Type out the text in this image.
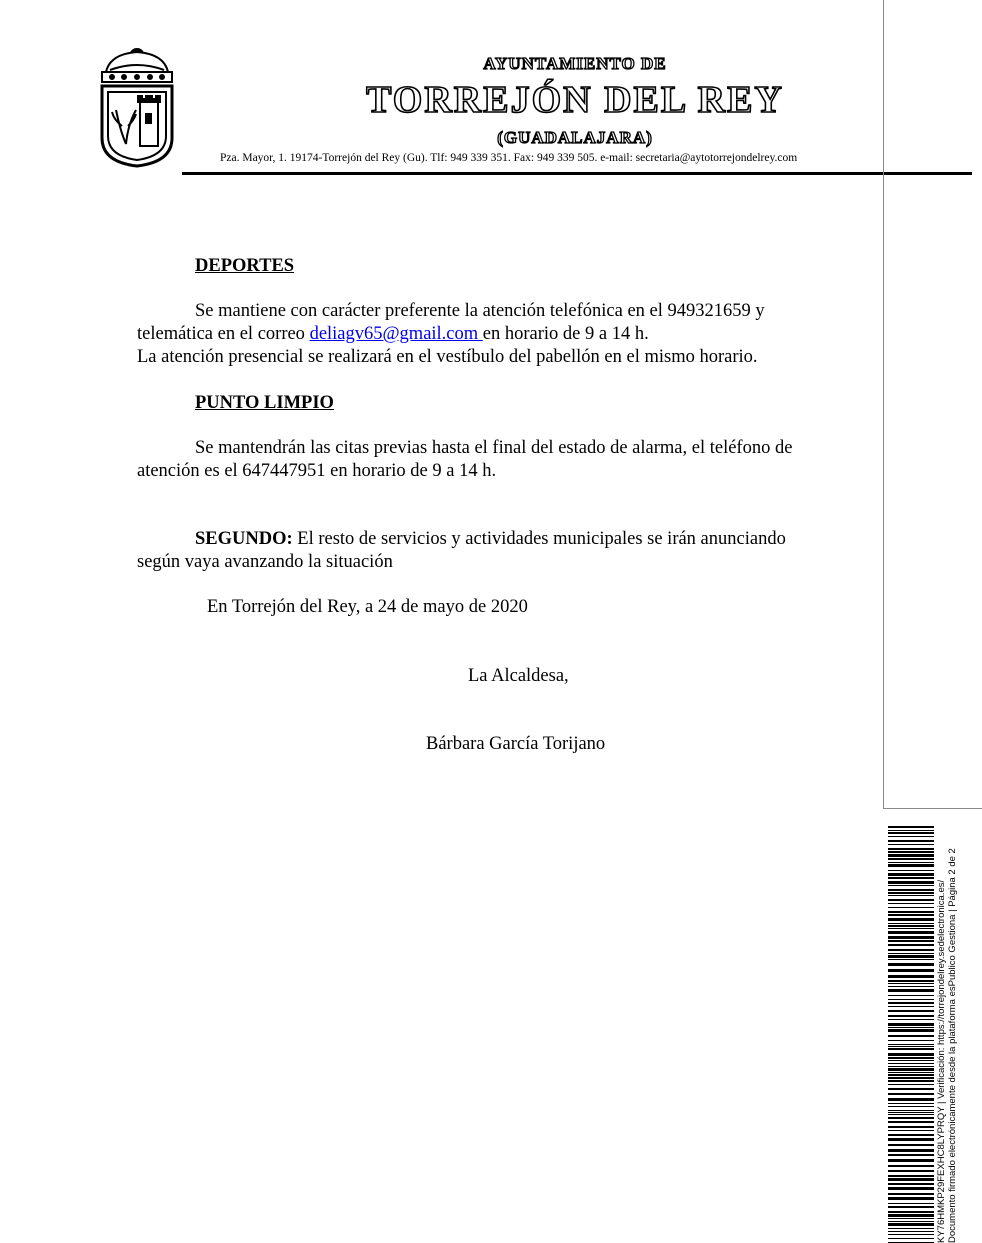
AYUNTAMIENTO DE
TORREJÓN DEL REY
(GUADALAJARA)
Pza. Mayor, 1. 19174-Torrejón del Rey (Gu). Tlf: 949 339 351. Fax: 949 339 505. e-mail: secretaria@aytotorrejondelrey.com
DEPORTES
Se mantiene con carácter preferente la atención telefónica en el 949321659 y
telemática en el correo deliagv65@gmail.com en horario de 9 a 14 h.
La atención presencial se realizará en el vestíbulo del pabellón en el mismo horario.
PUNTO LIMPIO
Se mantendrán las citas previas hasta el final del estado de alarma, el teléfono de
atención es el 647447951 en horario de 9 a 14 h.
SEGUNDO: El resto de servicios y actividades municipales se irán anunciando
según vaya avanzando la situación
En Torrejón del Rey, a 24 de mayo de 2020
La Alcaldesa,
Bárbara García Torijano
KY76HMKP29FEXHC8LYPRQY | Verificación: https://torrejondelrey.sedelectronica.es/ Documento firmado electrónicamente desde la plataforma esPublico Gestiona | Página 2 de 2
